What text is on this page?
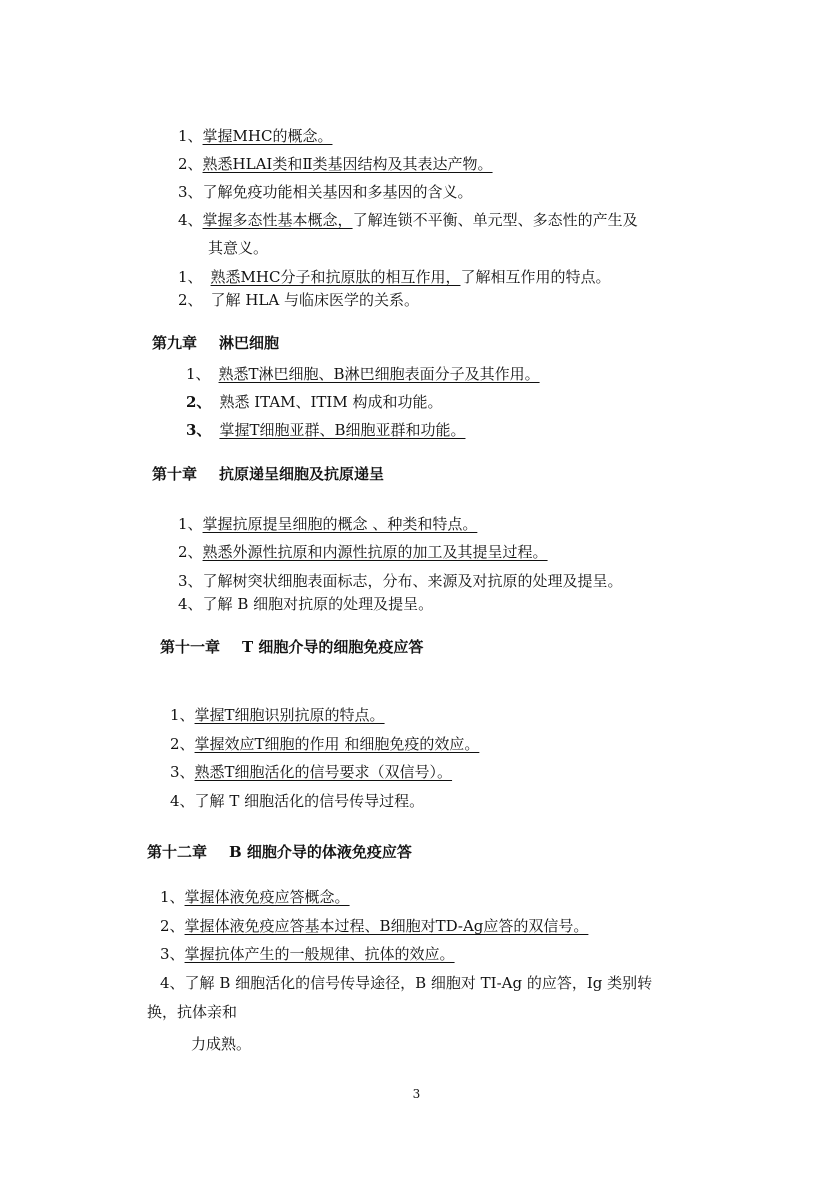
1、掌握MHC的概念。
2、熟悉HLAⅠ类和Ⅱ类基因结构及其表达产物。
3、了解免疫功能相关基因和多基因的含义。
4、掌握多态性基本概念，了解连锁不平衡、单元型、多态性的产生及
其意义。
1、 熟悉MHC分子和抗原肽的相互作用，了解相互作用的特点。
2、 了解 HLA 与临床医学的关系。
第九章 淋巴细胞
1、 熟悉T淋巴细胞、B淋巴细胞表面分子及其作用。
2、 熟悉 ITAM、ITIM 构成和功能。
3、 掌握T细胞亚群、B细胞亚群和功能。
第十章 抗原递呈细胞及抗原递呈
1、掌握抗原提呈细胞的概念 、种类和特点。
2、熟悉外源性抗原和内源性抗原的加工及其提呈过程。
3、了解树突状细胞表面标志，分布、来源及对抗原的处理及提呈。
4、了解 B 细胞对抗原的处理及提呈。
第十一章 T 细胞介导的细胞免疫应答
1、掌握T细胞识别抗原的特点。
2、掌握效应T细胞的作用 和细胞免疫的效应。
3、熟悉T细胞活化的信号要求（双信号）。
4、了解 T 细胞活化的信号传导过程。
第十二章 B 细胞介导的体液免疫应答
1、掌握体液免疫应答概念。
2、掌握体液免疫应答基本过程、B细胞对TD-Ag应答的双信号。
3、掌握抗体产生的一般规律、抗体的效应。
4、了解 B 细胞活化的信号传导途径，B 细胞对 TI-Ag 的应答，Ig 类别转
换，抗体亲和
力成熟。
3
